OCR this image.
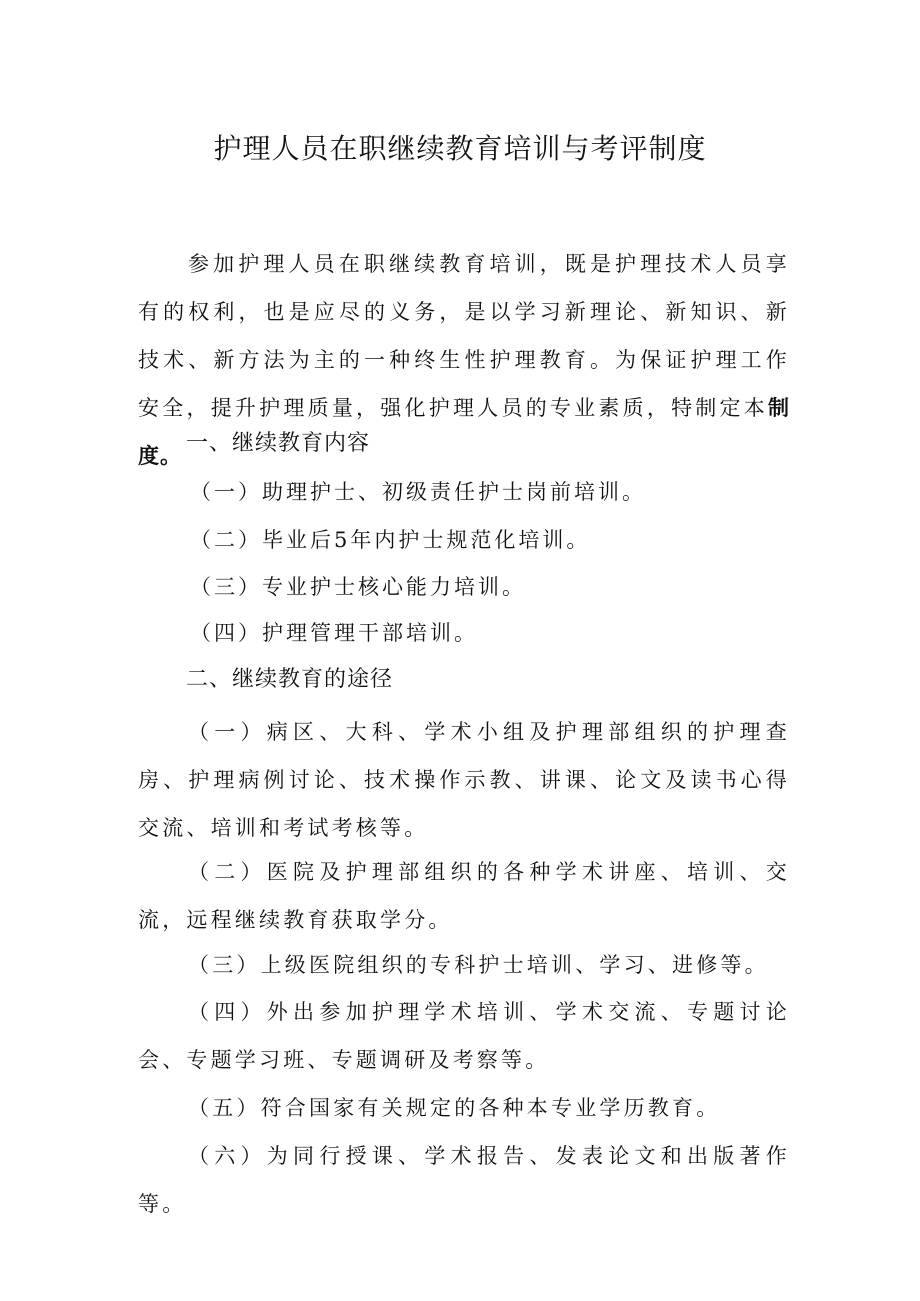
护理人员在职继续教育培训与考评制度

参加护理人员在职继续教育培训，既是护理技术人员享有的权利，也是应尽的义务，是以学习新理论、新知识、新技术、新方法为主的一种终生性护理教育。为保证护理工作安全，提升护理质量，强化护理人员的专业素质，特制定本制度。 一、继续教育内容

（一）助理护士、初级责任护士岗前培训。

（二）毕业后5年内护士规范化培训。

（三）专业护士核心能力培训。

（四）护理管理干部培训。

二、继续教育的途径

（一）病区、大科、学术小组及护理部组织的护理查房、护理病例讨论、技术操作示教、讲课、论文及读书心得交流、培训和考试考核等。

（二）医院及护理部组织的各种学术讲座、培训、交流，远程继续教育获取学分。

（三）上级医院组织的专科护士培训、学习、进修等。

（四）外出参加护理学术培训、学术交流、专题讨论会、专题学习班、专题调研及考察等。

（五）符合国家有关规定的各种本专业学历教育。

（六）为同行授课、学术报告、发表论文和出版著作等。
